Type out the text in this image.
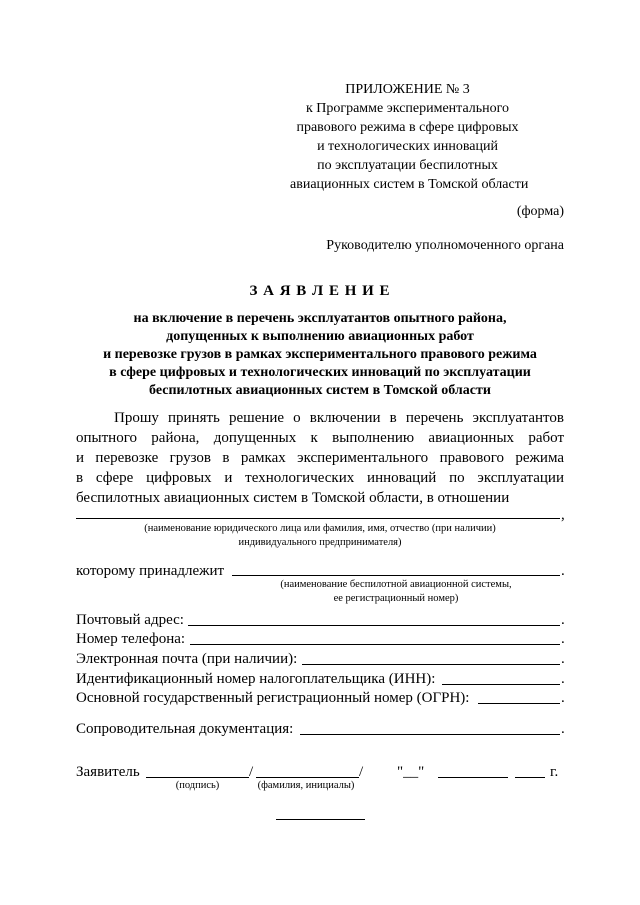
ПРИЛОЖЕНИЕ № 3
к Программе экспериментального
правового режима в сфере цифровых
и технологических инноваций
по эксплуатации беспилотных
авиационных систем в Томской области
(форма)
Руководителю уполномоченного органа
З А Я В Л Е Н И Е
на включение в перечень эксплуатантов опытного района,
допущенных к выполнению авиационных работ
и перевозке грузов в рамках экспериментального правового режима
в сфере цифровых и технологических инноваций по эксплуатации
беспилотных авиационных систем в Томской области
Прошу принять решение о включении в перечень эксплуатантов
опытного района, допущенных к выполнению авиационных работ
и перевозке грузов в рамках экспериментального правового режима
в сфере цифровых и технологических инноваций по эксплуатации
беспилотных авиационных систем в Томской области, в отношении
,
(наименование юридического лица или фамилия, имя, отчество (при наличии)
индивидуального предпринимателя)
которому принадлежит	.
(наименование беспилотной авиационной системы,
ее регистрационный номер)
Почтовый адрес:	.
Номер телефона:	.
Электронная почта (при наличии):	.
Идентификационный номер налогоплательщика (ИНН):	.
Основной государственный регистрационный номер (ОГРН):	.
Сопроводительная документация:	.
Заявитель	/	/ "__"	г.
(подпись)	(фамилия, инициалы)
